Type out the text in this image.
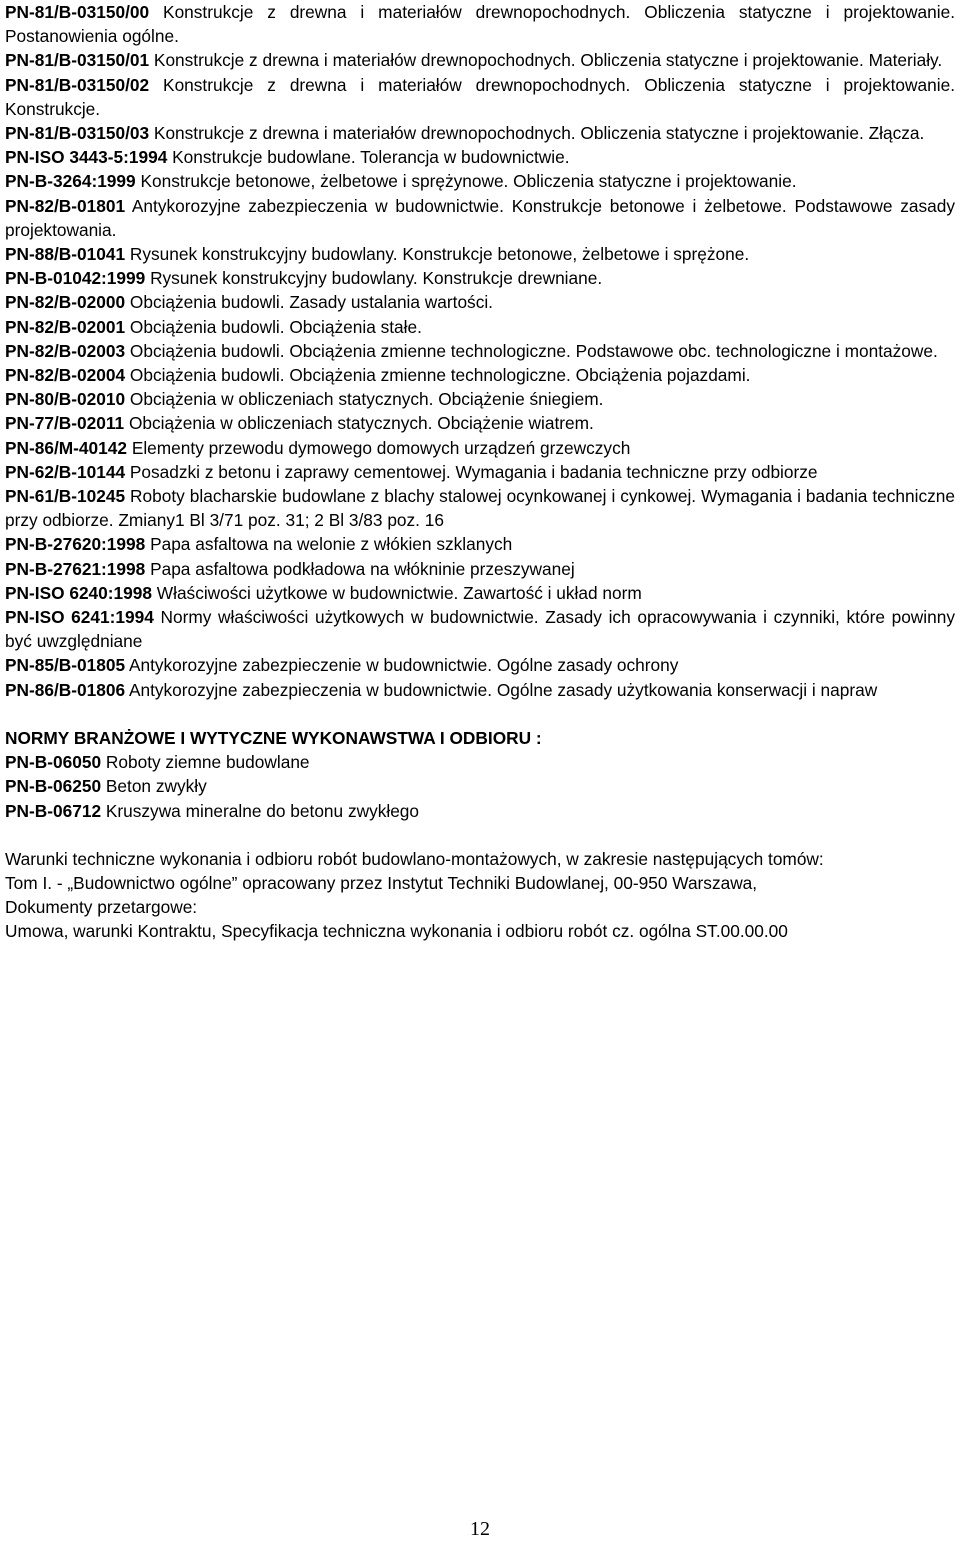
PN-81/B-03150/00 Konstrukcje z drewna i materiałów drewnopochodnych. Obliczenia statyczne i projektowanie. Postanowienia ogólne.

PN-81/B-03150/01 Konstrukcje z drewna i materiałów drewnopochodnych. Obliczenia statyczne i projektowanie. Materiały.

PN-81/B-03150/02 Konstrukcje z drewna i materiałów drewnopochodnych. Obliczenia statyczne i projektowanie. Konstrukcje.

PN-81/B-03150/03 Konstrukcje z drewna i materiałów drewnopochodnych. Obliczenia statyczne i projektowanie. Złącza.

PN-ISO 3443-5:1994 Konstrukcje budowlane. Tolerancja w budownictwie.

PN-B-3264:1999 Konstrukcje betonowe, żelbetowe i sprężynowe. Obliczenia statyczne i projektowanie.

PN-82/B-01801 Antykorozyjne zabezpieczenia w budownictwie. Konstrukcje betonowe i żelbetowe. Podstawowe zasady projektowania.

PN-88/B-01041 Rysunek konstrukcyjny budowlany. Konstrukcje betonowe, żelbetowe i sprężone.

PN-B-01042:1999 Rysunek konstrukcyjny budowlany. Konstrukcje drewniane.

PN-82/B-02000 Obciążenia budowli. Zasady ustalania wartości.

PN-82/B-02001 Obciążenia budowli. Obciążenia stałe.

PN-82/B-02003 Obciążenia budowli. Obciążenia zmienne technologiczne. Podstawowe obc. technologiczne i montażowe.

PN-82/B-02004 Obciążenia budowli. Obciążenia zmienne technologiczne. Obciążenia pojazdami.

PN-80/B-02010 Obciążenia w obliczeniach statycznych. Obciążenie śniegiem.

PN-77/B-02011 Obciążenia w obliczeniach statycznych. Obciążenie wiatrem.

PN-86/M-40142 Elementy przewodu dymowego domowych urządzeń grzewczych

PN-62/B-10144 Posadzki z betonu i zaprawy cementowej. Wymagania i badania techniczne przy odbiorze

PN-61/B-10245 Roboty blacharskie budowlane z blachy stalowej ocynkowanej i cynkowej. Wymagania i badania techniczne przy odbiorze. Zmiany1 Bl 3/71 poz. 31; 2 Bl 3/83 poz. 16

PN-B-27620:1998 Papa asfaltowa na welonie z włókien szklanych

PN-B-27621:1998 Papa asfaltowa podkładowa na włókninie przeszywanej

PN-ISO 6240:1998 Właściwości użytkowe w budownictwie. Zawartość i układ norm

PN-ISO 6241:1994 Normy właściwości użytkowych w budownictwie. Zasady ich opracowywania i czynniki, które powinny być uwzględniane

PN-85/B-01805 Antykorozyjne zabezpieczenie w budownictwie. Ogólne zasady ochrony

PN-86/B-01806 Antykorozyjne zabezpieczenia w budownictwie. Ogólne zasady użytkowania konserwacji i napraw

NORMY BRANŻOWE I WYTYCZNE WYKONAWSTWA I ODBIORU :

PN-B-06050 Roboty ziemne budowlane

PN-B-06250 Beton zwykły

PN-B-06712 Kruszywa mineralne do betonu zwykłego

Warunki techniczne wykonania i odbioru robót budowlano-montażowych, w zakresie następujących tomów:

Tom I. - „Budownictwo ogólne” opracowany przez Instytut Techniki Budowlanej, 00-950 Warszawa,

Dokumenty przetargowe:

Umowa, warunki Kontraktu, Specyfikacja techniczna wykonania i odbioru robót cz. ogólna ST.00.00.00

12
